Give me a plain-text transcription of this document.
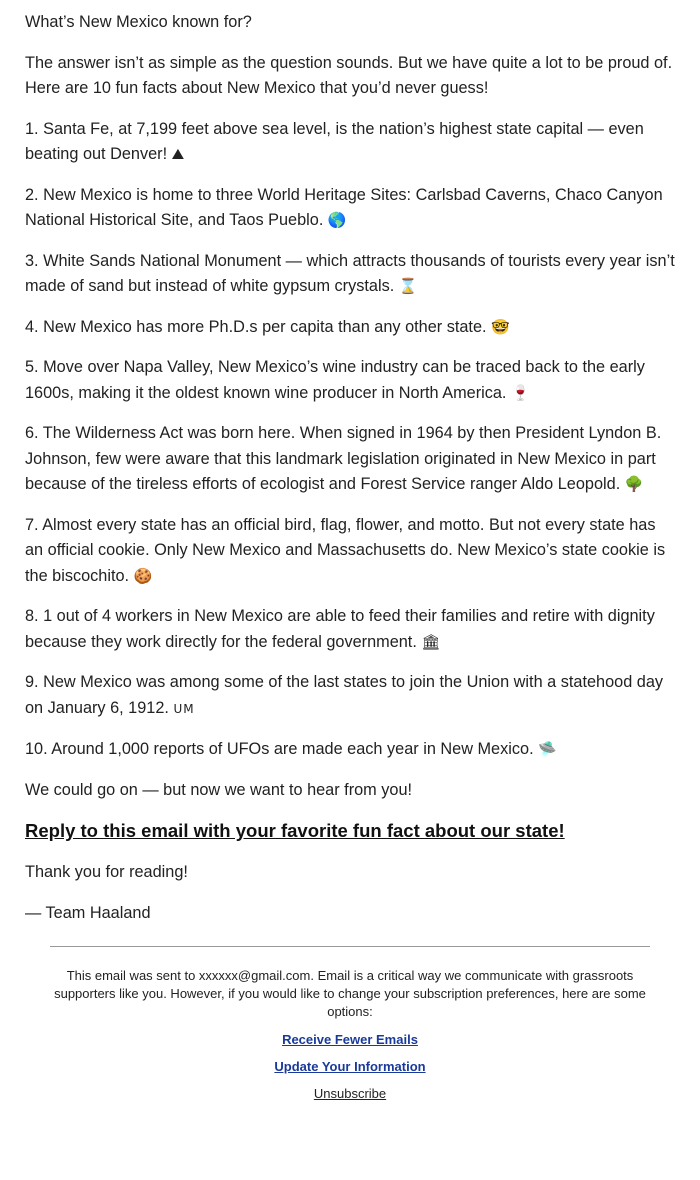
What’s New Mexico known for?

The answer isn’t as simple as the question sounds. But we have quite a lot to be proud of. Here are 10 fun facts about New Mexico that you’d never guess!

1. Santa Fe, at 7,199 feet above sea level, is the nation’s highest state capital — even beating out Denver! ⛰

2. New Mexico is home to three World Heritage Sites: Carlsbad Caverns, Chaco Canyon National Historical Site, and Taos Pueblo. 🌎

3. White Sands National Monument — which attracts thousands of tourists every year isn’t made of sand but instead of white gypsum crystals. ⌛

4. New Mexico has more Ph.D.s per capita than any other state. 🤓

5. Move over Napa Valley, New Mexico’s wine industry can be traced back to the early 1600s, making it the oldest known wine producer in North America. 🍷

6. The Wilderness Act was born here. When signed in 1964 by then President Lyndon B. Johnson, few were aware that this landmark legislation originated in New Mexico in part because of the tireless efforts of ecologist and Forest Service ranger Aldo Leopold. 🌳

7. Almost every state has an official bird, flag, flower, and motto. But not every state has an official cookie. Only New Mexico and Massachusetts do. New Mexico’s state cookie is the biscochito. 🍪

8. 1 out of 4 workers in New Mexico are able to feed their families and retire with dignity because they work directly for the federal government. 🏛

9. New Mexico was among some of the last states to join the Union with a statehood day on January 6, 1912. UM

10. Around 1,000 reports of UFOs are made each year in New Mexico. 🛸

We could go on — but now we want to hear from you!

Reply to this email with your favorite fun fact about our state!

Thank you for reading!

— Team Haaland

This email was sent to xxxxxx@gmail.com. Email is a critical way we communicate with grassroots supporters like you. However, if you would like to change your subscription preferences, here are some options:

Receive Fewer Emails
Update Your Information
Unsubscribe
